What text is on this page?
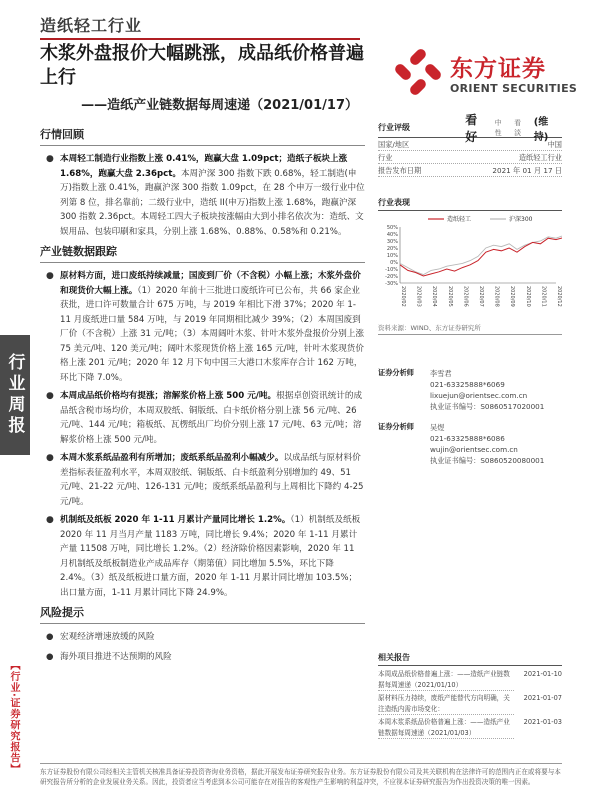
造纸轻工行业
木浆外盘报价大幅跳涨，成品纸价格普遍上行
——造纸产业链数据每周速递（2021/01/17）
东方证券
ORIENT SECURITIES
行业周报
【行业·证券研究报告】
行情回顾
● 本周轻工制造行业指数上涨 0.41%，跑赢大盘 1.09pct；造纸子板块上涨 1.68%，跑赢大盘 2.36pct。本周沪深 300 指数下跌 0.68%，轻工制造(申万)指数上涨 0.41%，跑赢沪深 300 指数 1.09pct，在 28 个申万一级行业中位列第 8 位，排名靠前；二级行业中，造纸 II(申万)指数上涨 1.68%，跑赢沪深 300 指数 2.36pct。本周轻工四大子板块按涨幅由大到小排名依次为：造纸、文娱用品、包装印刷和家具，分别上涨 1.68%、0.88%、0.58%和 0.21%。
产业链数据跟踪
● 原材料方面，进口废纸持续减量；国废到厂价（不含税）小幅上涨；木浆外盘价和现货价大幅上涨。（1）2020 年前十三批进口废纸许可已公布，共 66 家企业获批，进口许可数量合计 675 万吨，与 2019 年相比下滑 37%；2020 年 1-11 月废纸进口量 584 万吨，与 2019 年同期相比减少 39%；（2）本周国废到厂价（不含税）上涨 31 元/吨；（3）本周阔叶木浆、针叶木浆外盘报价分别上涨 75 美元/吨、120 美元/吨；阔叶木浆现货价格上涨 165 元/吨，针叶木浆现货价格上涨 201 元/吨；2020 年 12 月下旬中国三大港口木浆库存合计 162 万吨，环比下降 7.0%。
● 本周成品纸价格均有提涨；溶解浆价格上涨 500 元/吨。根据卓创资讯统计的成品纸含税市场均价，本周双胶纸、铜版纸、白卡纸价格分别上涨 56 元/吨、26 元/吨、144 元/吨；箱板纸、瓦楞纸出厂均价分别上涨 17 元/吨、63 元/吨；溶解浆价格上涨 500 元/吨。
● 本周木浆系纸品盈利有所增加；废纸系纸品盈利小幅减少。以成品纸与原材料价差指标表征盈利水平，本周双胶纸、铜版纸、白卡纸盈利分别增加约 49、51 元/吨、21-22 元/吨、126-131 元/吨；废纸系纸品盈利与上周相比下降约 4-25 元/吨。
● 机制纸及纸板 2020 年 1-11 月累计产量同比增长 1.2%。（1）机制纸及纸板 2020 年 11 月当月产量 1183 万吨，同比增长 9.4%；2020 年 1-11 月累计产量 11508 万吨，同比增长 1.2%。（2）经济除价格因素影响，2020 年 11 月机制纸及纸板制造业产成品库存（期第值）同比增加 5.5%，环比下降 2.4%。（3）纸及纸板进口量方面，2020 年 1-11 月累计同比增加 103.5%；出口量方面，1-11 月累计同比下降 24.9%。
风险提示
● 宏观经济增速放缓的风险
● 海外项目推进不达预期的风险
行业评级
看好
中性
看淡
(维持)
国家/地区	中国
行业	造纸轻工行业
报告发布日期	2021 年 01 月 17 日
行业表现
-30%
-20%
-10%
0%
10%
20%
30%
40%
50%
2020/02 2020/03 2020/04 2020/05 2020/06 2020/07 2020/08 2020/09 2020/10 2020/11 2020/12
造纸轻工	沪深300
资料来源：WIND、东方证券研究所
证券分析师	李雪君
021-63325888*6069
lixuejun@orientsec.com.cn
执业证书编号：S0860517020001
证券分析师	吴煜
021-63325888*6086
wujin@orientsec.com.cn
执业证书编号：S0860520080001
相关报告
本周成品纸价格普遍上涨：——造纸产业链数据每周速递（2021/01/10）
2021-01-10
原材料压力持续，废纸产能替代方向明确，关注造纸内需市场变化：
2021-01-07
本周木浆系纸品价格普遍上涨：——造纸产业链数据每周速递（2021/01/03）
2021-01-03
东方证券股份有限公司经相关主管机关核准具备证券投资咨询业务资格，据此开展发布证券研究报告业务。东方证券股份有限公司及其关联机构在法律许可的范围内正在或将要与本研究报告所分析的企业发展业务关系。因此，投资者应当考虑到本公司可能存在对报告的客观性产生影响的利益冲突，不应视本证券研究报告为作出投资决策的唯一因素。
